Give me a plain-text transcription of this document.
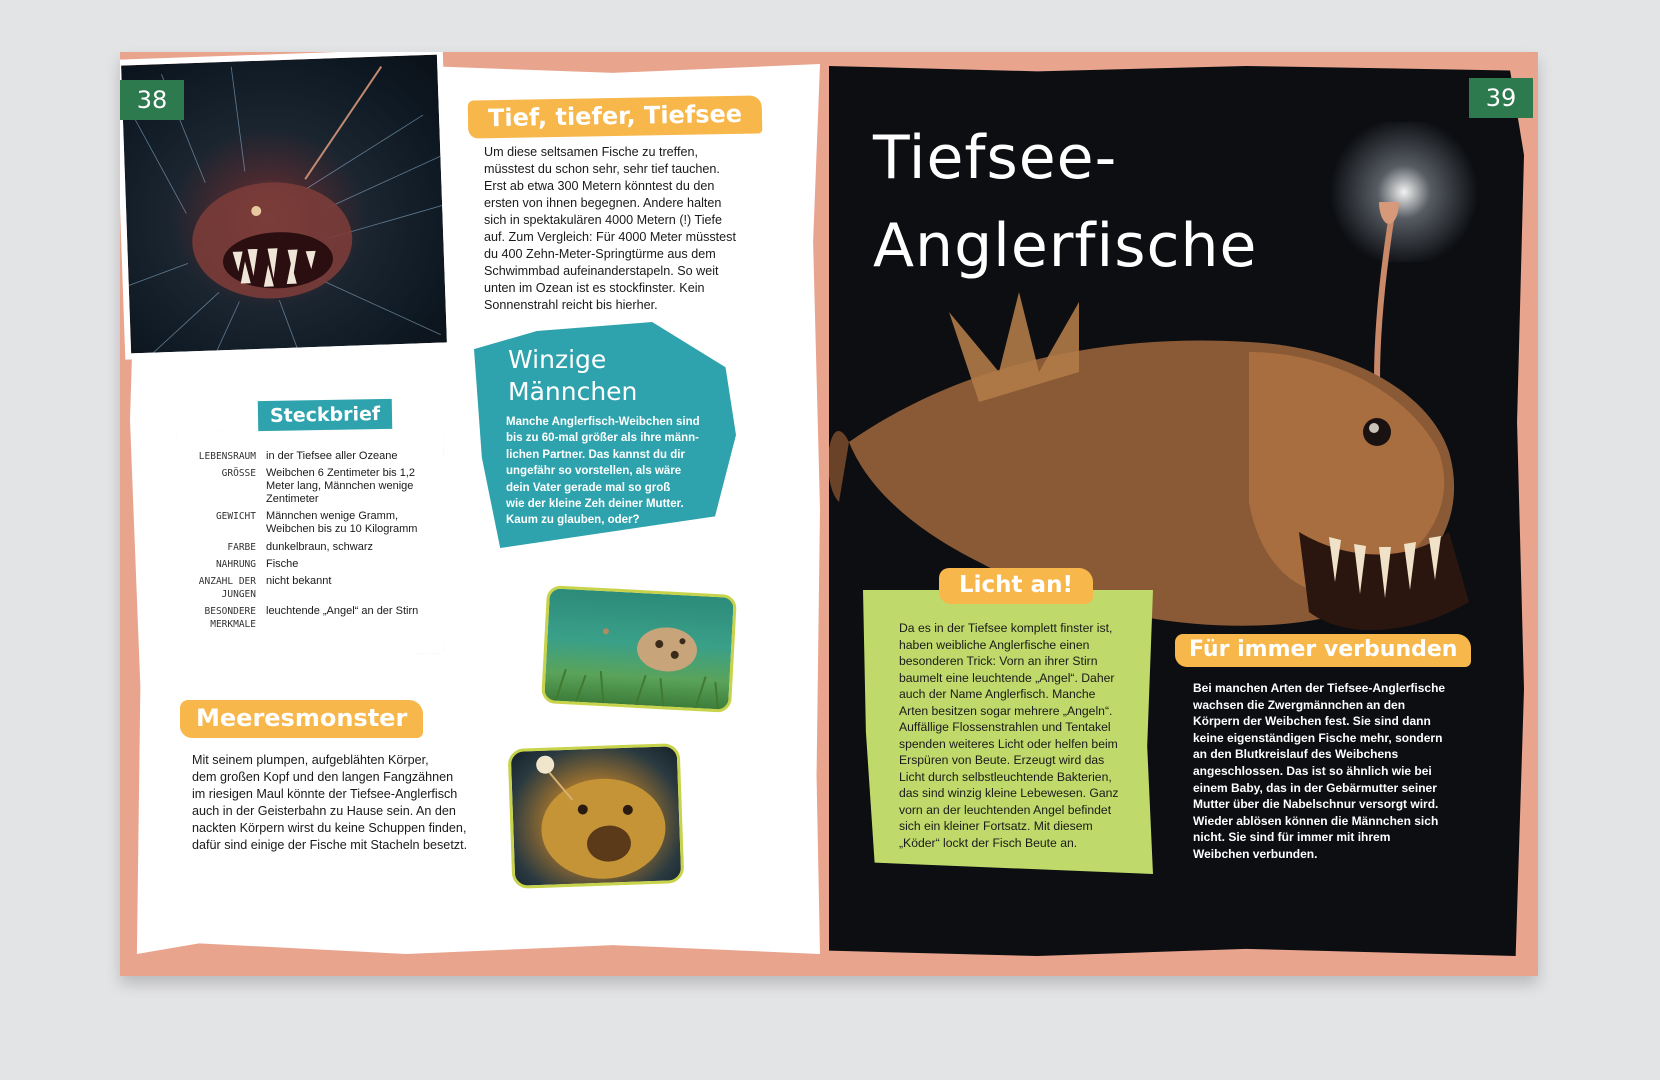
38	Tief, tiefer, Tiefsee
Um diese seltsamen Fische zu treffen,
müsstest du schon sehr, sehr tief tauchen.
Erst ab etwa 300 Metern könntest du den
ersten von ihnen begegnen. Andere halten
sich in spektakulären 4000 Metern (!) Tiefe
auf. Zum Vergleich: Für 4000 Meter müsstest
du 400 Zehn-Meter-Springtürme aus dem
Schwimmbad aufeinanderstapeln. So weit
unten im Ozean ist es stockfinster. Kein
Sonnenstrahl reicht bis hierher.
Winzige
Männchen
Manche Anglerfisch-Weibchen sind
bis zu 60-mal größer als ihre männ-
lichen Partner. Das kannst du dir
ungefähr so vorstellen, als wäre
dein Vater gerade mal so groß
wie der kleine Zeh deiner Mutter.
Kaum zu glauben, oder?
Steckbrief
LEBENSRAUM in der Tiefsee aller Ozeane
GRÖSSE Weibchen 6 Zentimeter bis 1,2 Meter lang, Männchen wenige Zentimeter
GEWICHT Männchen wenige Gramm, Weibchen bis zu 10 Kilogramm
FARBE dunkelbraun, schwarz
NAHRUNG Fische
ANZAHL DER JUNGEN
nicht bekannt
BESONDERE MERKMALE
leuchtende „Angel“ an der Stirn
Meeresmonster
Mit seinem plumpen, aufgeblähten Körper,
dem großen Kopf und den langen Fangzähnen
im riesigen Maul könnte der Tiefsee-Anglerfisch
auch in der Geisterbahn zu Hause sein. An den
nackten Körpern wirst du keine Schuppen finden,
dafür sind einige der Fische mit Stacheln besetzt.
39
Tiefsee-
Anglerfische
Licht an!
Da es in der Tiefsee komplett finster ist,
haben weibliche Anglerfische einen
besonderen Trick: Vorn an ihrer Stirn
baumelt eine leuchtende „Angel“. Daher
auch der Name Anglerfisch. Manche
Arten besitzen sogar mehrere „Angeln“.
Auffällige Flossenstrahlen und Tentakel
spenden weiteres Licht oder helfen beim
Erspüren von Beute. Erzeugt wird das
Licht durch selbstleuchtende Bakterien,
das sind winzig kleine Lebewesen. Ganz
vorn an der leuchtenden Angel befindet
sich ein kleiner Fortsatz. Mit diesem
„Köder“ lockt der Fisch Beute an.
Für immer verbunden
Bei manchen Arten der Tiefsee-Anglerfische
wachsen die Zwergmännchen an den
Körpern der Weibchen fest. Sie sind dann
keine eigenständigen Fische mehr, sondern
an den Blutkreislauf des Weibchens
angeschlossen. Das ist so ähnlich wie bei
einem Baby, das in der Gebärmutter seiner
Mutter über die Nabelschnur versorgt wird.
Wieder ablösen können die Männchen sich
nicht. Sie sind für immer mit ihrem
Weibchen verbunden.
